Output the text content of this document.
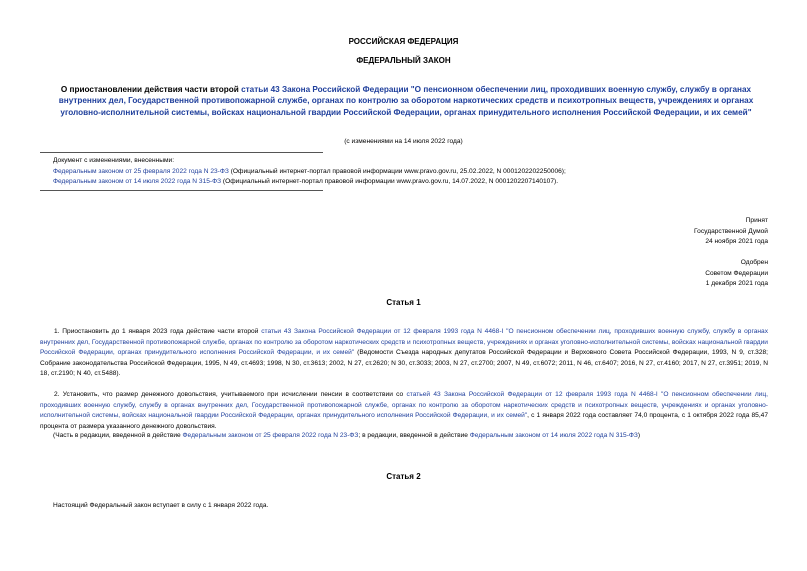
РОССИЙСКАЯ ФЕДЕРАЦИЯ
ФЕДЕРАЛЬНЫЙ ЗАКОН
О приостановлении действия части второй статьи 43 Закона Российской Федерации "О пенсионном обеспечении лиц, проходивших военную службу, службу в органах внутренних дел, Государственной противопожарной службе, органах по контролю за оборотом наркотических средств и психотропных веществ, учреждениях и органах уголовно-исполнительной системы, войсках национальной гвардии Российской Федерации, органах принудительного исполнения Российской Федерации, и их семей"
(с изменениями на 14 июля 2022 года)
Документ с изменениями, внесенными:
Федеральным законом от 25 февраля 2022 года N 23-ФЗ (Официальный интернет-портал правовой информации www.pravo.gov.ru, 25.02.2022, N 0001202202250006);
Федеральным законом от 14 июля 2022 года N 315-ФЗ (Официальный интернет-портал правовой информации www.pravo.gov.ru, 14.07.2022, N 0001202207140107).
Принят
Государственной Думой
24 ноября 2021 года
Одобрен
Советом Федерации
1 декабря 2021 года
Статья 1
1. Приостановить до 1 января 2023 года действие части второй статьи 43 Закона Российской Федерации от 12 февраля 1993 года N 4468-I "О пенсионном обеспечении лиц, проходивших военную службу, службу в органах внутренних дел, Государственной противопожарной службе, органах по контролю за оборотом наркотических средств и психотропных веществ, учреждениях и органах уголовно-исполнительной системы, войсках национальной гвардии Российской Федерации, органах принудительного исполнения Российской Федерации, и их семей" (Ведомости Съезда народных депутатов Российской Федерации и Верховного Совета Российской Федерации, 1993, N 9, ст.328; Собрание законодательства Российской Федерации, 1995, N 49, ст.4693; 1998, N 30, ст.3613; 2002, N 27, ст.2620; N 30, ст.3033; 2003, N 27, ст.2700; 2007, N 49, ст.6072; 2011, N 46, ст.6407; 2016, N 27, ст.4160; 2017, N 27, ст.3951; 2019, N 18, ст.2190; N 40, ст.5488).
2. Установить, что размер денежного довольствия, учитываемого при исчислении пенсии в соответствии со статьей 43 Закона Российской Федерации от 12 февраля 1993 года N 4468-I "О пенсионном обеспечении лиц, проходивших военную службу, службу в органах внутренних дел, Государственной противопожарной службе, органах по контролю за оборотом наркотических средств и психотропных веществ, учреждениях и органах уголовно-исполнительной системы, войсках национальной гвардии Российской Федерации, органах принудительного исполнения Российской Федерации, и их семей", с 1 января 2022 года составляет 74,0 процента, с 1 октября 2022 года 85,47 процента от размера указанного денежного довольствия.
(Часть в редакции, введенной в действие Федеральным законом от 25 февраля 2022 года N 23-ФЗ; в редакции, введенной в действие Федеральным законом от 14 июля 2022 года N 315-ФЗ)
Статья 2
Настоящий Федеральный закон вступает в силу с 1 января 2022 года.
